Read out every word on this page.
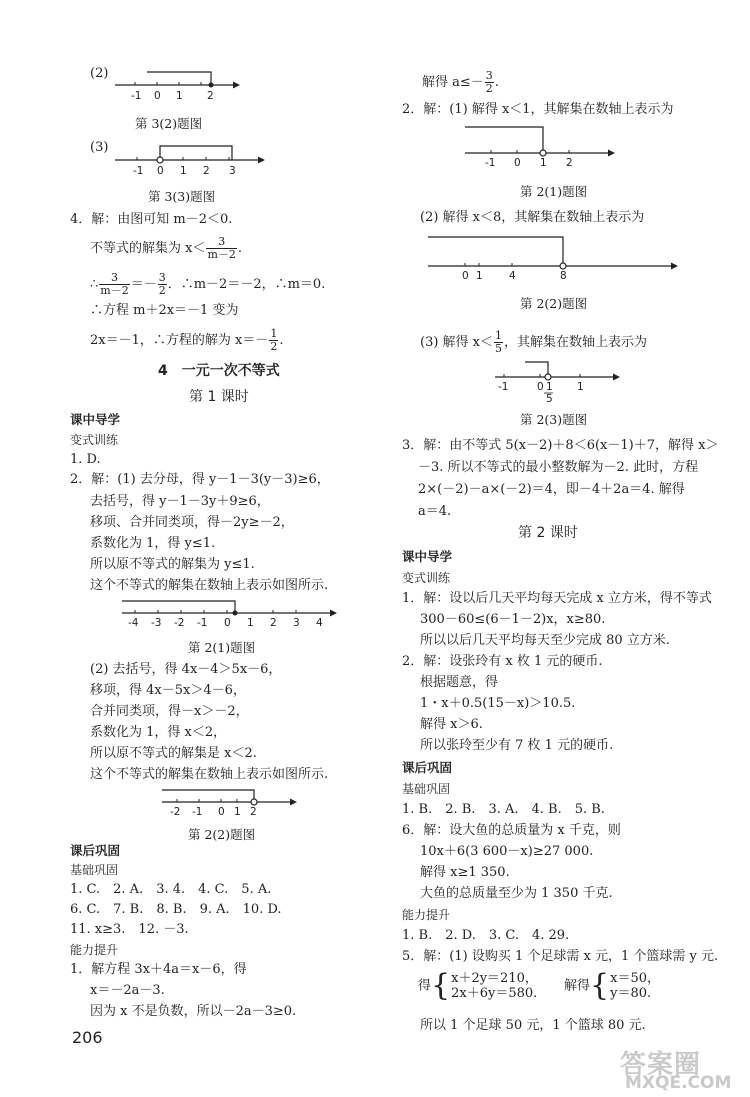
(2)
-1 0 1 2
第 3(2)题图
(3)
-1 0 1 2 3
第 3(3)题图
4．解：由图可知 m－2＜0.
不等式的解集为 $x< \frac{3}{m-2}$ .
∴ $\frac{3}{m-2} =- \frac{3}{2}$ ．∴m－2＝－2，∴m＝0.
∴方程 m＋2x＝－1 变为
2x＝－1，∴方程的解为 $x=- \frac{1}{2}$ .
4　一元一次不等式
第 1 课时
课中导学
变式训练
1. D.
2．解：(1) 去分母，得 y－1－3(y－3)≥6，
去括号，得 y－1－3y＋9≥6，
移项、合并同类项，得－2y≥－2，
系数化为 1，得 y≤1.
所以原不等式的解集为 y≤1.
这个不等式的解集在数轴上表示如图所示.
-4 -3 -2 -1 0 1 2 3 4
第 2(1)题图
(2) 去括号，得 4x－4＞5x－6，
移项，得 4x－5x＞4－6，
合并同类项，得－x＞－2，
系数化为 1，得 x＜2，
所以原不等式的解集是 x＜2.
这个不等式的解集在数轴上表示如图所示.
-2 -1 0 1 2
第 2(2)题图
课后巩固
基础巩固
1. C.　2. A.　3. 4.　4. C.　5. A.
6. C.　7. B.　8. B.　9. A.　10. D.
11. x≥3.　12. －3.
能力提升
1．解方程 3x＋4a＝x－6，得
x＝－2a－3.
因为 x 不是负数，所以－2a－3≥0.
206
解得 $a\le- \frac{3}{2}$ .
2．解：(1) 解得 x＜1，其解集在数轴上表示为
-1 0 1 2
第 2(1)题图
(2) 解得 x＜8，其解集在数轴上表示为
0 1	4	8
第 2(2)题图
(3) 解得 $x< \frac{1}{5}$ ，其解集在数轴上表示为
-1	0	1
1
5
第 2(3)题图
3．解：由不等式 5(x－2)＋8＜6(x－1)＋7，解得 x＞
－3. 所以不等式的最小整数解为－2. 此时，方程
2×(－2)－a×(－2)＝4，即－4＋2a＝4. 解得
a＝4.
第 2 课时
课中导学
变式训练
1．解：设以后几天平均每天完成 x 立方米，得不等式
300－60≤(6－1－2)x，x≥80.
所以以后几天平均每天至少完成 80 立方米.
2．解：设张玲有 x 枚 1 元的硬币.
根据题意，得
1・x＋0.5(15－x)＞10.5.
解得 x＞6.
所以张玲至少有 7 枚 1 元的硬币.
课后巩固
基础巩固
1. B.　2. B.　3. A.　4. B.　5. B.
6．解：设大鱼的总质量为 x 千克，则
10x＋6(3 600－x)≥27 000.
解得 x≥1 350.
大鱼的总质量至少为 1 350 千克.
能力提升
1. B.　2. D.　3. C.　4. 29.
5．解：(1) 设购买 1 个足球需 x 元，1 个篮球需 y 元.
得{ x＋2y＝210，
2x＋6y＝580. 解得{ x＝50，
y＝80.
所以 1 个足球 50 元，1 个篮球 80 元.
答案圈
MXQE.COM
